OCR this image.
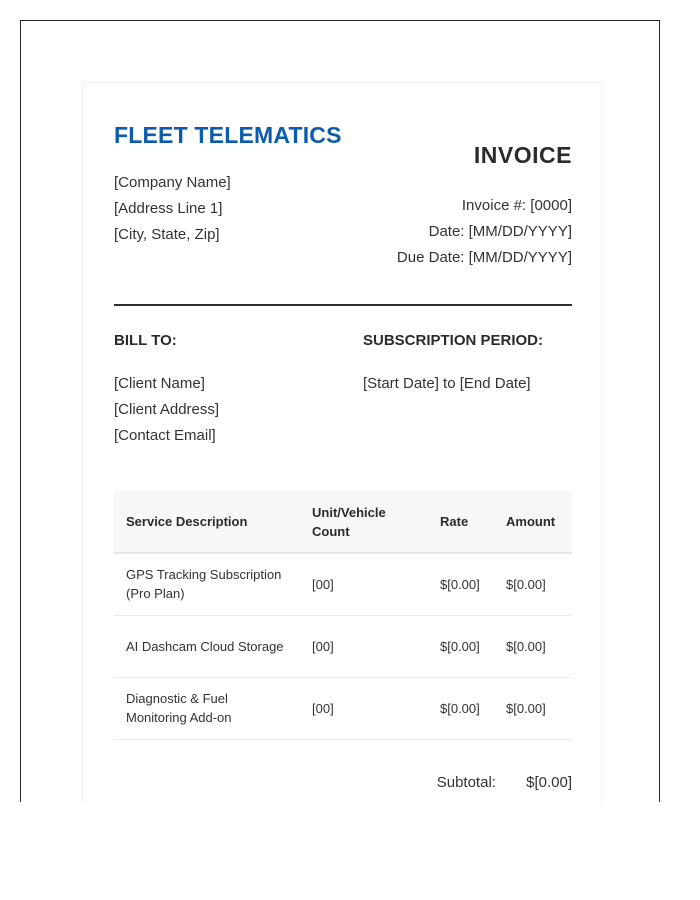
FLEET TELEMATICS
[Company Name]
[Address Line 1]
[City, State, Zip]
INVOICE
Invoice #: [0000]
Date: [MM/DD/YYYY]
Due Date: [MM/DD/YYYY]
BILL TO:
[Client Name]
[Client Address]
[Contact Email]
SUBSCRIPTION PERIOD:
[Start Date] to [End Date]
Service Description	Unit/Vehicle Count	Rate	Amount
GPS Tracking Subscription (Pro Plan)	[00]	$[0.00]	$[0.00]
AI Dashcam Cloud Storage	[00]	$[0.00]	$[0.00]
Diagnostic & Fuel Monitoring Add-on	[00]	$[0.00]	$[0.00]
Subtotal: $[0.00]
